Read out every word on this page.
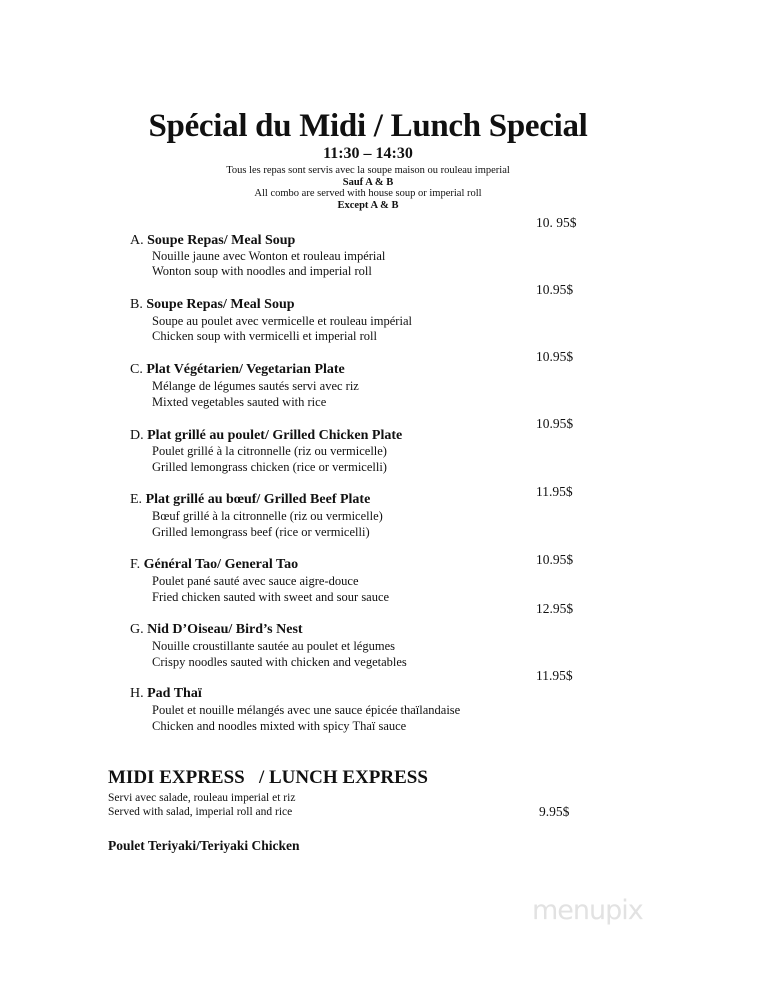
Spécial du Midi / Lunch Special
11:30 – 14:30
Tous les repas sont servis avec la soupe maison ou rouleau imperial
Sauf A & B
All combo are served with house soup or imperial roll
Except A & B
10. 95$
A. Soupe Repas/ Meal Soup
Nouille jaune avec Wonton et rouleau impérial
Wonton soup with noodles and imperial roll
10.95$
B. Soupe Repas/ Meal Soup
Soupe au poulet avec vermicelle et rouleau impérial
Chicken soup with vermicelli et imperial roll
10.95$
C. Plat Végétarien/ Vegetarian Plate
Mélange de légumes sautés servi avec riz
Mixted vegetables sauted with rice
10.95$
D. Plat grillé au poulet/ Grilled Chicken Plate
Poulet grillé à la citronnelle (riz ou vermicelle)
Grilled lemongrass chicken (rice or vermicelli)
11.95$
E. Plat grillé au bœuf/ Grilled Beef Plate
Bœuf grillé à la citronnelle (riz ou vermicelle)
Grilled lemongrass beef (rice or vermicelli)
10.95$
F. Général Tao/ General Tao
Poulet pané sauté avec sauce aigre-douce
Fried chicken sauted with sweet and sour sauce
12.95$
G. Nid D’Oiseau/ Bird’s Nest
Nouille croustillante sautée au poulet et légumes
Crispy noodles sauted with chicken and vegetables
11.95$
H. Pad Thaï
Poulet et nouille mélangés avec une sauce épicée thaïlandaise
Chicken and noodles mixted with spicy Thaï sauce
MIDI EXPRESS   / LUNCH EXPRESS
Servi avec salade, rouleau imperial et riz
Served with salad, imperial roll and rice	9.95$
Poulet Teriyaki/Teriyaki Chicken
menupix
